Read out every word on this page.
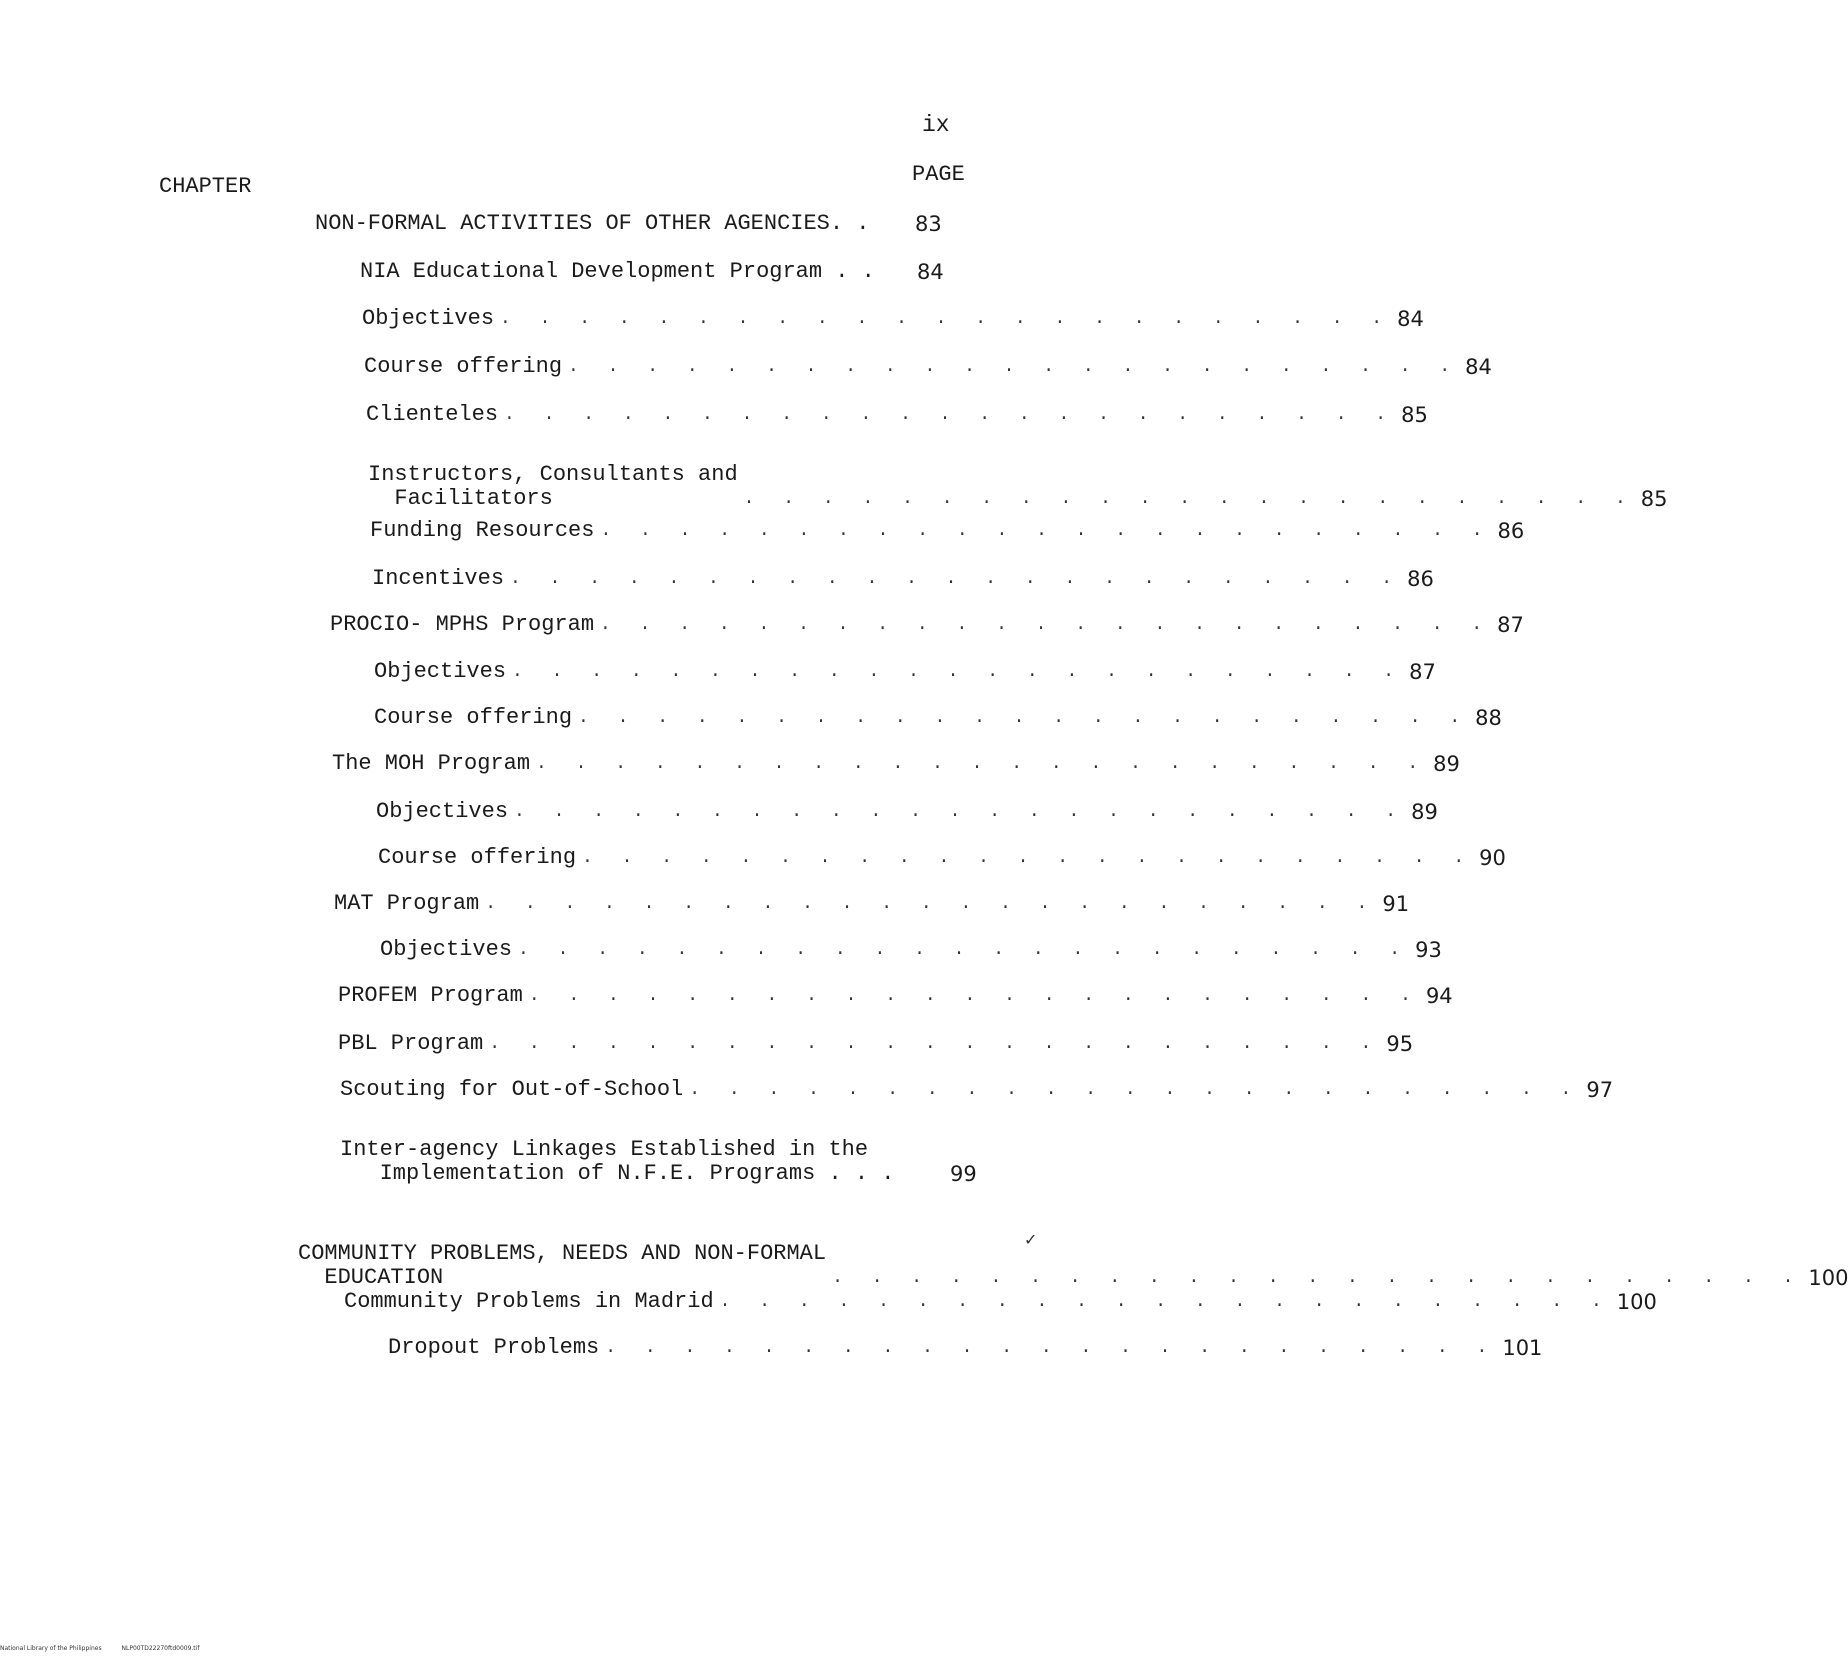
ix
CHAPTER	PAGE
NON-FORMAL ACTIVITIES OF OTHER AGENCIES. . 83
NIA Educational Development Program . . 84
Objectives . . . . . . . . . . . . . . . . . . . . . . . 84
Course offering . . . . . . . . . . . . . . . . . . . . . . . 84
Clienteles . . . . . . . . . . . . . . . . . . . . . . . 85
Instructors, Consultants and
Facilitators	. . . . . . . . . . . . . . . . . . . . . . . 85
Funding Resources . . . . . . . . . . . . . . . . . . . . . . . 86
Incentives . . . . . . . . . . . . . . . . . . . . . . . 86
PROCIO- MPHS Program . . . . . . . . . . . . . . . . . . . . . . . 87
Objectives . . . . . . . . . . . . . . . . . . . . . . . 87
Course offering . . . . . . . . . . . . . . . . . . . . . . . 88
The MOH Program . . . . . . . . . . . . . . . . . . . . . . . 89
Objectives . . . . . . . . . . . . . . . . . . . . . . . 89
Course offering . . . . . . . . . . . . . . . . . . . . . . . 90
MAT Program . . . . . . . . . . . . . . . . . . . . . . . 91
Objectives . . . . . . . . . . . . . . . . . . . . . . . 93
PROFEM Program . . . . . . . . . . . . . . . . . . . . . . . 94
PBL Program . . . . . . . . . . . . . . . . . . . . . . . 95
Scouting for Out-of-School . . . . . . . . . . . . . . . . . . . . . . . 97
Inter-agency Linkages Established in the
Implementation of N.F.E. Programs . . .	99
COMMUNITY PROBLEMS, NEEDS AND NON-FORMAL
EDUCATION	. . . . . . . . . . . . . . . . . . . . . . . . . 100
Community Problems in Madrid . . . . . . . . . . . . . . . . . . . . . . . 100
Dropout Problems . . . . . . . . . . . . . . . . . . . . . . . 101
✓
National Library of the Philippines	NLP00TD22270ftd0009.tif
